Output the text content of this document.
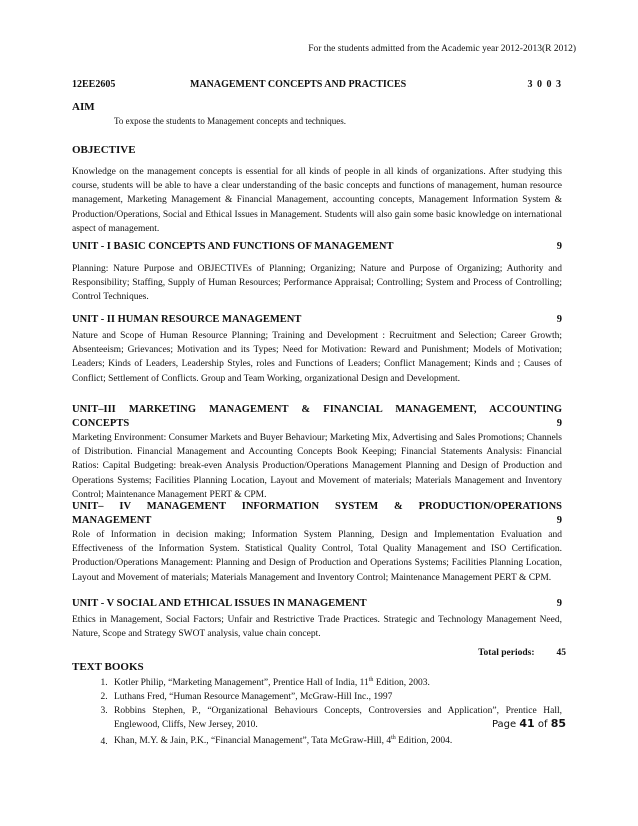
For the students admitted from the Academic year 2012-2013(R 2012)
12EE2605	MANAGEMENT CONCEPTS AND PRACTICES	3 0 0 3
AIM
To expose the students to Management concepts and techniques.
OBJECTIVE
Knowledge on the management concepts is essential for all kinds of people in all kinds of organizations. After studying this course, students will be able to have a clear understanding of the basic concepts and functions of management, human resource management, Marketing Management & Financial Management, accounting concepts, Management Information System & Production/Operations, Social and Ethical Issues in Management. Students will also gain some basic knowledge on international aspect of management.
UNIT - I BASIC CONCEPTS AND FUNCTIONS OF MANAGEMENT	9
Planning: Nature Purpose and OBJECTIVEs of Planning; Organizing; Nature and Purpose of Organizing; Authority and Responsibility; Staffing, Supply of Human Resources; Performance Appraisal; Controlling; System and Process of Controlling; Control Techniques.
UNIT - II HUMAN RESOURCE MANAGEMENT	9
Nature and Scope of Human Resource Planning; Training and Development : Recruitment and Selection; Career Growth; Absenteeism; Grievances; Motivation and its Types; Need for Motivation: Reward and Punishment; Models of Motivation; Leaders; Kinds of Leaders, Leadership Styles, roles and Functions of Leaders; Conflict Management; Kinds and ; Causes of Conflict; Settlement of Conflicts. Group and Team Working, organizational Design and Development.
UNIT–III MARKETING MANAGEMENT & FINANCIAL MANAGEMENT, ACCOUNTING
CONCEPTS	9
Marketing Environment: Consumer Markets and Buyer Behaviour; Marketing Mix, Advertising and Sales Promotions; Channels of Distribution. Financial Management and Accounting Concepts Book Keeping; Financial Statements Analysis: Financial Ratios: Capital Budgeting: break-even Analysis Production/Operations Management Planning and Design of Production and Operations Systems; Facilities Planning Location, Layout and Movement of materials; Materials Management and Inventory Control; Maintenance Management PERT & CPM.
UNIT– IV MANAGEMENT INFORMATION SYSTEM & PRODUCTION/OPERATIONS
MANAGEMENT	9
Role of Information in decision making; Information System Planning, Design and Implementation Evaluation and Effectiveness of the Information System. Statistical Quality Control, Total Quality Management and ISO Certification. Production/Operations Management: Planning and Design of Production and Operations Systems; Facilities Planning Location, Layout and Movement of materials; Materials Management and Inventory Control; Maintenance Management PERT & CPM.
UNIT - V SOCIAL AND ETHICAL ISSUES IN MANAGEMENT	9
Ethics in Management, Social Factors; Unfair and Restrictive Trade Practices. Strategic and Technology Management Need, Nature, Scope and Strategy SWOT analysis, value chain concept.
Total periods: 45
TEXT BOOKS
1. Kotler Philip, “Marketing Management”, Prentice Hall of India, 11th Edition, 2003.
2. Luthans Fred, “Human Resource Management”, McGraw-Hill Inc., 1997
3. Robbins Stephen, P., “Organizational Behaviours Concepts, Controversies and Application”, Prentice Hall, Englewood, Cliffs, New Jersey, 2010.
4. Khan, M.Y. & Jain, P.K., “Financial Management”, Tata McGraw-Hill, 4th Edition, 2004.
Page 41 of 85
